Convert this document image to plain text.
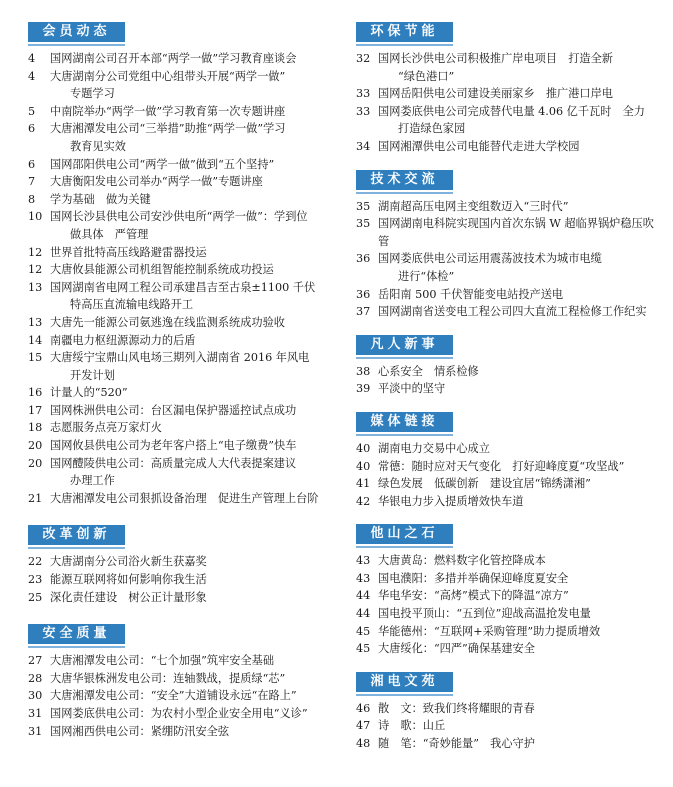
会员动态
4	国网湖南公司召开本部“两学一做”学习教育座谈会
4	大唐湖南分公司党组中心组带头开展“两学一做”
专题学习
5	中南院举办“两学一做”学习教育第一次专题讲座
6	大唐湘潭发电公司“三举措”助推“两学一做”学习
教育见实效
6	国网邵阳供电公司“两学一做”做到“五个坚持”
7	大唐衡阳发电公司举办“两学一做”专题讲座
8	学为基础　做为关键
10 国网长沙县供电公司安沙供电所“两学一做”：学到位
做具体　严管理
12 世界首批特高压线路避雷器投运
12 大唐攸县能源公司机组智能控制系统成功投运
13 国网湖南省电网工程公司承建昌吉至古泉±1100 千伏
特高压直流输电线路开工
13 大唐先一能源公司氨逃逸在线监测系统成功验收
14 南疆电力枢纽源源动力的后盾
15 大唐绥宁宝鼎山风电场三期列入湖南省 2016 年风电
开发计划
16 计量人的“520”
17 国网株洲供电公司：台区漏电保护器遥控试点成功
18 志愿服务点亮万家灯火
20 国网攸县供电公司为老年客户搭上“电子缴费”快车
20 国网醴陵供电公司：高质量完成人大代表提案建议
办理工作
21 大唐湘潭发电公司狠抓设备治理　促进生产管理上台阶
改革创新
22 大唐湖南分公司浴火新生获嘉奖
23 能源互联网将如何影响你我生活
25 深化责任建设　树公正计量形象
安全质量
27 大唐湘潭发电公司：“七个加强”筑牢安全基础
28 大唐华银株洲发电公司：连轴戮战，提质绿“芯”
30 大唐湘潭发电公司：“安全”大道铺设永远“在路上”
31 国网娄底供电公司：为农村小型企业安全用电“义诊”
31 国网湘西供电公司：紧绷防汛安全弦
环保节能
32 国网长沙供电公司积极推广岸电项目　打造全新
“绿色港口”
33 国网岳阳供电公司建设美丽家乡　推广港口岸电
33 国网娄底供电公司完成替代电量 4.06 亿千瓦时　全力
打造绿色家园
34 国网湘潭供电公司电能替代走进大学校园
技术交流
35 湖南超高压电网主变组数迈入“三时代”
35 国网湖南电科院实现国内首次东锅 W 超临界锅炉稳压吹管
36 国网娄底供电公司运用震荡波技术为城市电缆
进行“体检”
36 岳阳南 500 千伏智能变电站投产送电
37 国网湖南省送变电工程公司四大直流工程检修工作纪实
凡人新事
38 心系安全　情系检修
39 平淡中的坚守
媒体链接
40 湖南电力交易中心成立
40 常德：随时应对天气变化　打好迎峰度夏“攻坚战”
41 绿色发展　低碳创新　建设宜居“锦绣潇湘”
42 华银电力步入提质增效快车道
他山之石
43 大唐黄岛：燃料数字化管控降成本
43 国电濮阳：多措并举确保迎峰度夏安全
44 华电华安：“高烤”模式下的降温“凉方”
44 国电投平顶山：“五到位”迎战高温抢发电量
45 华能德州：“互联网+采购管理”助力提质增效
45 大唐绥化：“四严”确保基建安全
湘电文苑
46 散　文：致我们终将耀眼的青春
47 诗　歌：山丘
48 随　笔：“奇妙能量”　我心守护
